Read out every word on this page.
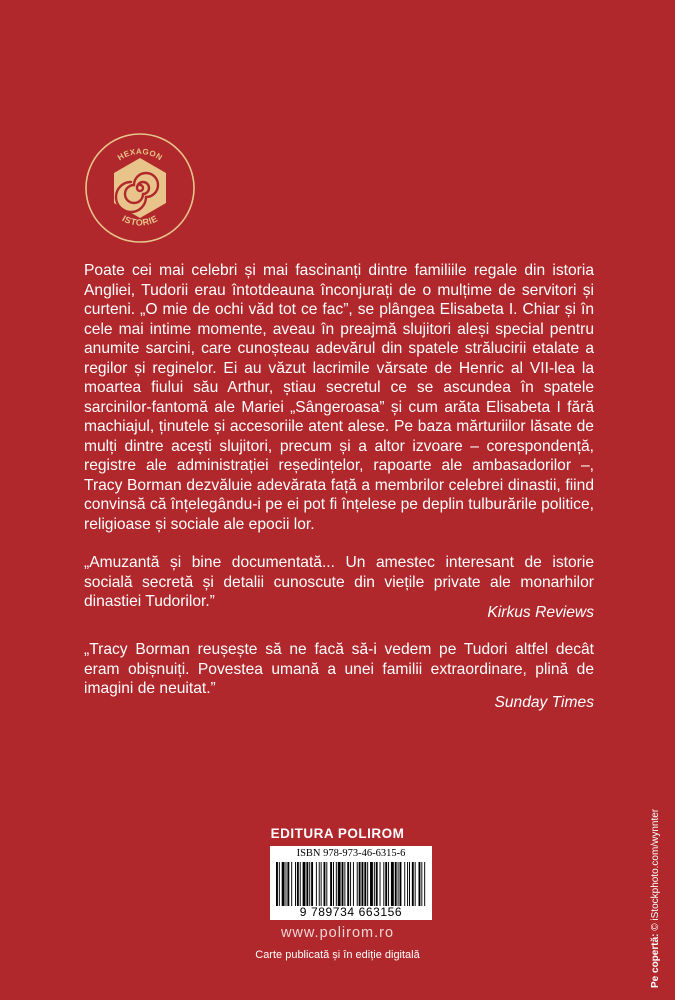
HEXAGON
ISTORIE

Poate cei mai celebri și mai fascinanți dintre familiile regale din istoria Angliei, Tudorii erau întotdeauna înconjurați de o mulțime de servitori și curteni. „O mie de ochi văd tot ce fac”, se plângea Elisabeta I. Chiar și în cele mai intime momente, aveau în preajmă slujitori aleși special pentru anumite sarcini, care cunoșteau adevărul din spatele strălucirii etalate a regilor și reginelor. Ei au văzut lacrimile vărsate de Henric al VII-lea la moartea fiului său Arthur, știau secretul ce se ascundea în spatele sarcinilor-fantomă ale Mariei „Sângeroasa” și cum arăta Elisabeta I fără machiajul, ținutele și accesoriile atent alese. Pe baza mărturiilor lăsate de mulți dintre acești slujitori, precum și a altor izvoare – corespondență, registre ale administrației reședințelor, rapoarte ale ambasadorilor –, Tracy Borman dezvăluie adevărata față a membrilor celebrei dinastii, fiind convinsă că înțelegându-i pe ei pot fi înțelese pe deplin tulburările politice, religioase și sociale ale epocii lor.

„Amuzantă și bine documentată... Un amestec interesant de istorie socială secretă și detalii cunoscute din viețile private ale monarhilor dinastiei Tudorilor.”

Kirkus Reviews

„Tracy Borman reușește să ne facă să-i vedem pe Tudori altfel decât eram obișnuiți. Povestea umană a unei familii extraordinare, plină de imagini de neuitat.”

Sunday Times

EDITURA POLIROM
ISBN 978-973-46-6315-6
9 789734 663156
www.polirom.ro
Carte publicată și în ediție digitală	Pe copertă: © iStockphoto.com/wynnter
